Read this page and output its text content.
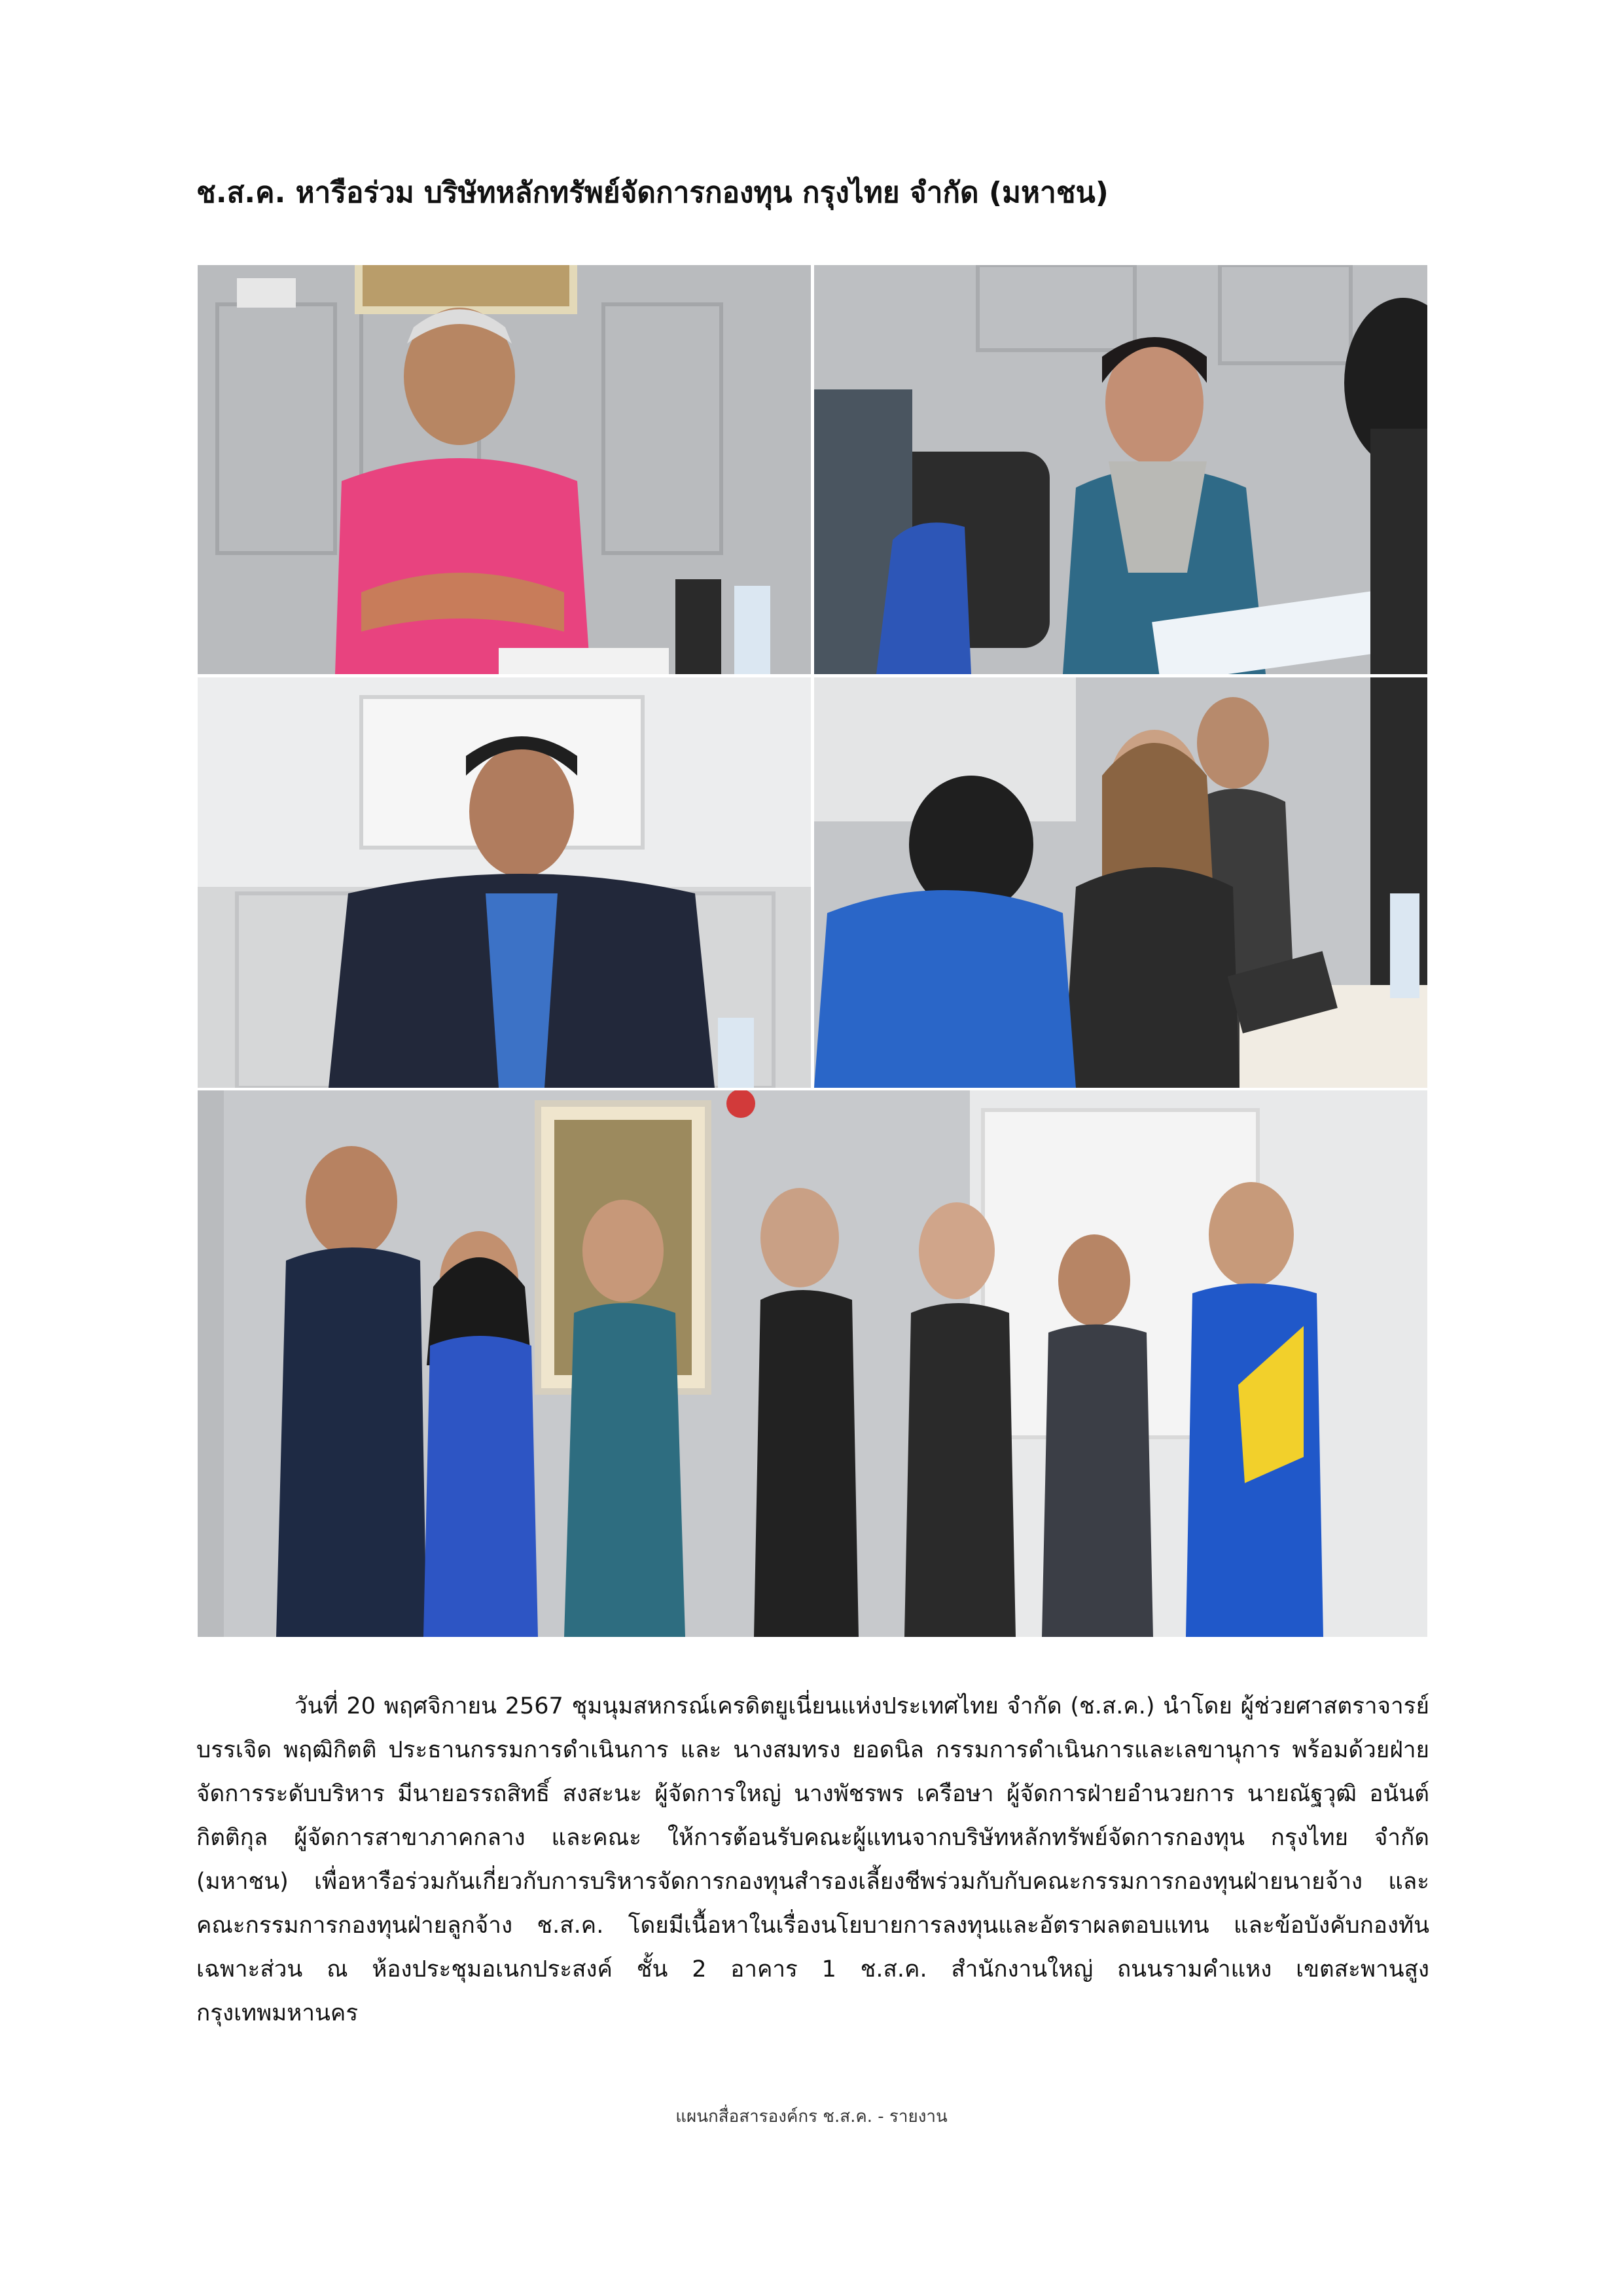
ช.ส.ค. หารือร่วม บริษัทหลักทรัพย์จัดการกองทุน กรุงไทย จำกัด (มหาชน)
วันที่ 20 พฤศจิกายน 2567 ชุมนุมสหกรณ์เครดิตยูเนี่ยนแห่งประเทศไทย จำกัด (ช.ส.ค.) นำโดย ผู้ช่วยศาสตราจารย์บรรเจิด พฤฒิกิตติ ประธานกรรมการดำเนินการ และ นางสมทรง ยอดนิล กรรมการดำเนินการและเลขานุการ พร้อมด้วยฝ่ายจัดการระดับบริหาร มีนายอรรถสิทธิ์ สงสะนะ ผู้จัดการใหญ่ นางพัชรพร เครือษา ผู้จัดการฝ่ายอำนวยการ นายณัฐวุฒิ อนันต์กิตติกุล ผู้จัดการสาขาภาคกลาง และคณะ ให้การต้อนรับคณะผู้แทนจากบริษัทหลักทรัพย์จัดการกองทุน กรุงไทย จำกัด (มหาชน) เพื่อหารือร่วมกันเกี่ยวกับการบริหารจัดการกองทุนสำรองเลี้ยงชีพร่วมกับกับคณะกรรมการกองทุนฝ่ายนายจ้าง และคณะกรรมการกองทุนฝ่ายลูกจ้าง ช.ส.ค. โดยมีเนื้อหาในเรื่องนโยบายการลงทุนและอัตราผลตอบแทน และข้อบังคับกองทันเฉพาะส่วน ณ ห้องประชุมอเนกประสงค์ ชั้น 2 อาคาร 1 ช.ส.ค. สำนักงานใหญ่ ถนนรามคำแหง เขตสะพานสูง กรุงเทพมหานคร
แผนกสื่อสารองค์กร ช.ส.ค. - รายงาน
